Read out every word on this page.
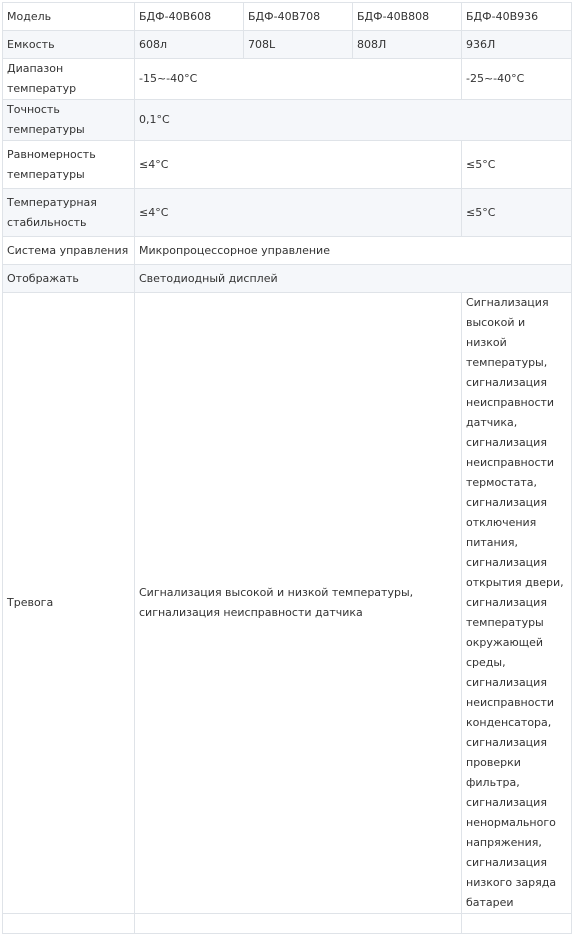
Модель	БДФ-40В608	БДФ-40В708	БДФ-40В808	БДФ-40В936
Емкость	608л	708L	808Л	936Л
Диапазон температур	-15~-40°C			-25~-40°C
Точность температуры	0,1°C			
Равномерность температуры	≤4°C			≤5°C
Температурная стабильность	≤4°C			≤5°C
Система управления	Микропроцессорное управление			
Отображать	Светодиодный дисплей			
Тревога	Сигнализация высокой и низкой температуры, сигнализация неисправности датчика			Сигнализация высокой и низкой температуры, сигнализация неисправности датчика, сигнализация неисправности термостата, сигнализация отключения питания, сигнализация открытия двери, сигнализация температуры окружающей среды, сигнализация неисправности конденсатора, сигнализация проверки фильтра, сигнализация ненормального напряжения, сигнализация низкого заряда батареи
